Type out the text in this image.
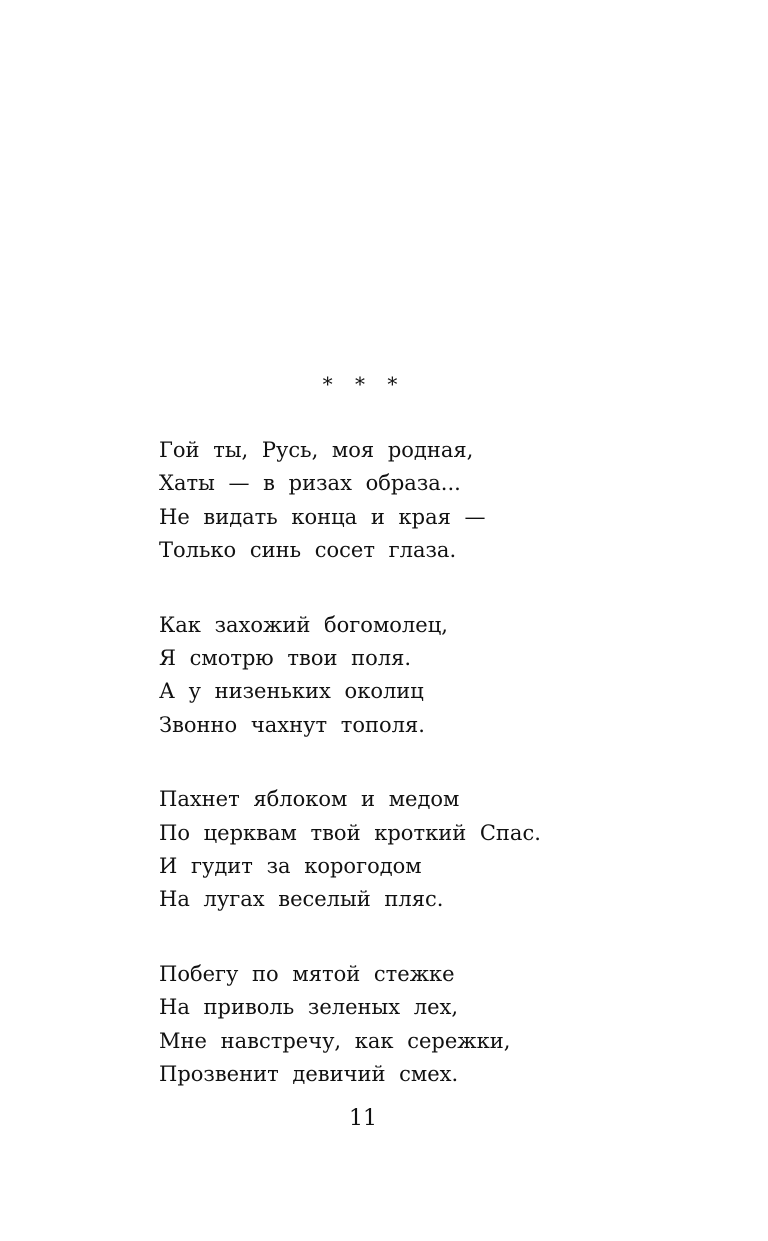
* * *
Гой ты, Русь, моя родная,
Хаты — в ризах образа...
Не видать конца и края —
Только синь сосет глаза.
Как захожий богомолец,
Я смотрю твои поля.
А у низеньких околиц
Звонно чахнут тополя.
Пахнет яблоком и медом
По церквам твой кроткий Спас.
И гудит за корогодом
На лугах веселый пляс.
Побегу по мятой стежке
На приволь зеленых лех,
Мне навстречу, как сережки,
Прозвенит девичий смех.
11
